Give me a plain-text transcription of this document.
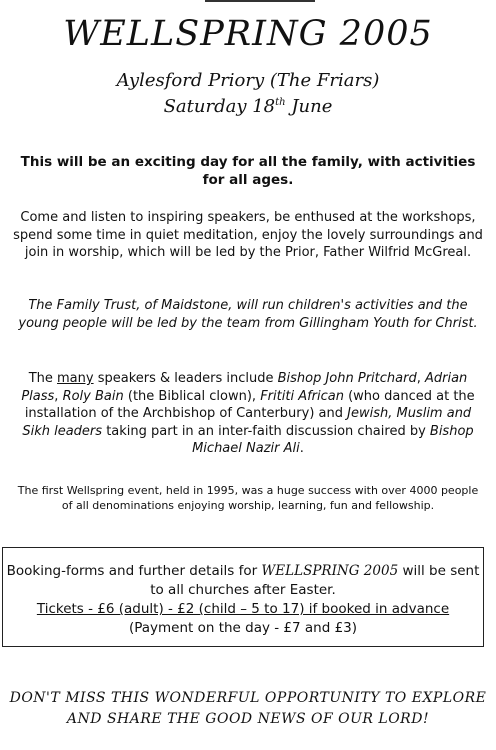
WELLSPRING 2005
Aylesford Priory (The Friars)
Saturday 18th June
This will be an exciting day for all the family, with activities for all ages.
Come and listen to inspiring speakers, be enthused at the workshops, spend some time in quiet meditation, enjoy the lovely surroundings and join in worship, which will be led by the Prior, Father Wilfrid McGreal.
The Family Trust, of Maidstone, will run children's activities and the young people will be led by the team from Gillingham Youth for Christ.
The many speakers & leaders include Bishop John Pritchard, Adrian Plass, Roly Bain (the Biblical clown), Frititi African (who danced at the installation of the Archbishop of Canterbury) and Jewish, Muslim and Sikh leaders taking part in an inter-faith discussion chaired by Bishop Michael Nazir Ali.
The first Wellspring event, held in 1995, was a huge success with over 4000 people of all denominations enjoying worship, learning, fun and fellowship.
Booking-forms and further details for WELLSPRING 2005 will be sent to all churches after Easter.
Tickets - £6 (adult) - £2 (child – 5 to 17) if booked in advance
(Payment on the day - £7 and £3)
DON'T MISS THIS WONDERFUL OPPORTUNITY TO EXPLORE AND SHARE THE GOOD NEWS OF OUR LORD!
